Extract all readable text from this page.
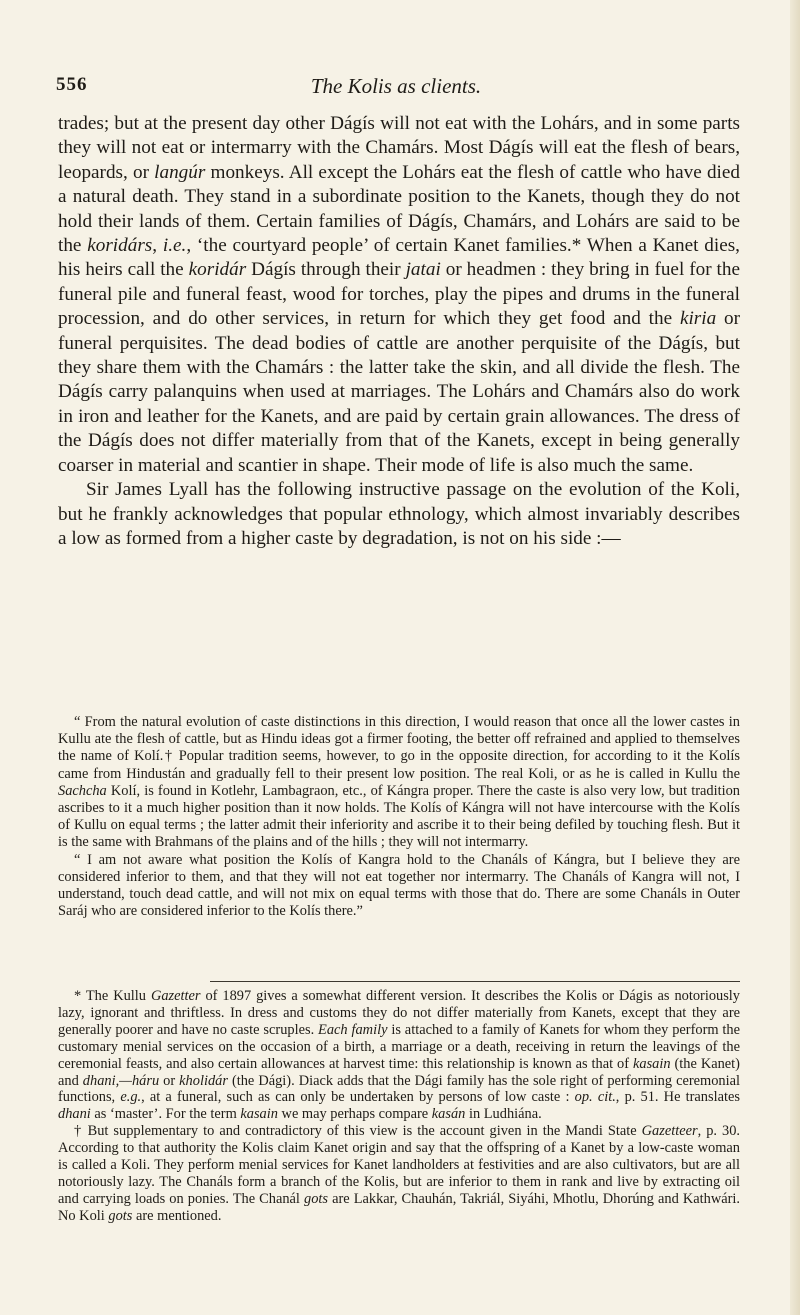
556	The Kolis as clients.

trades; but at the present day other Dágís will not eat with the Lohárs, and in some parts they will not eat or intermarry with the Chamárs. Most Dágís will eat the flesh of bears, leopards, or langúr monkeys. All except the Lohárs eat the flesh of cattle who have died a natural death. They stand in a subordinate position to the Kanets, though they do not hold their lands of them. Certain families of Dágís, Chamárs, and Lohárs are said to be the koridárs, i.e., ‘the courtyard people’ of certain Kanet families.* When a Kanet dies, his heirs call the koridár Dágís through their jatai or headmen : they bring in fuel for the funeral pile and funeral feast, wood for torches, play the pipes and drums in the funeral procession, and do other services, in return for which they get food and the kiria or funeral perquisites. The dead bodies of cattle are another perquisite of the Dágís, but they share them with the Chamárs : the latter take the skin, and all divide the flesh. The Dágís carry palanquins when used at marriages. The Lohárs and Chamárs also do work in iron and leather for the Kanets, and are paid by certain grain allowances. The dress of the Dágís does not differ materially from that of the Kanets, except in being generally coarser in material and scantier in shape. Their mode of life is also much the same.

Sir James Lyall has the following instructive passage on the evolution of the Koli, but he frankly acknowledges that popular ethnology, which almost invariably describes a low as formed from a higher caste by degradation, is not on his side :—

“ From the natural evolution of caste distinctions in this direction, I would reason that once all the lower castes in Kullu ate the flesh of cattle, but as Hindu ideas got a firmer footing, the better off refrained and applied to themselves the name of Kolí.† Popular tradition seems, however, to go in the opposite direction, for according to it the Kolís came from Hindustán and gradually fell to their present low position. The real Koli, or as he is called in Kullu the Sachcha Kolí, is found in Kotlehr, Lambagraon, etc., of Kángra proper. There the caste is also very low, but tradition ascribes to it a much higher position than it now holds. The Kolís of Kángra will not have intercourse with the Kolís of Kullu on equal terms ; the latter admit their inferiority and ascribe it to their being defiled by touching flesh. But it is the same with Brahmans of the plains and of the hills ; they will not intermarry.

“ I am not aware what position the Kolís of Kangra hold to the Chanáls of Kángra, but I believe they are considered inferior to them, and that they will not eat together nor intermarry. The Chanáls of Kangra will not, I understand, touch dead cattle, and will not mix on equal terms with those that do. There are some Chanáls in Outer Saráj who are considered inferior to the Kolís there.”

* The Kullu Gazetter of 1897 gives a somewhat different version. It describes the Kolis or Dágis as notoriously lazy, ignorant and thriftless. In dress and customs they do not differ materially from Kanets, except that they are generally poorer and have no caste scruples. Each family is attached to a family of Kanets for whom they perform the customary menial services on the occasion of a birth, a marriage or a death, receiving in return the leavings of the ceremonial feasts, and also certain allowances at harvest time: this relationship is known as that of kasain (the Kanet) and dhani,—háru or kholidár (the Dági). Diack adds that the Dági family has the sole right of performing ceremonial functions, e.g., at a funeral, such as can only be undertaken by persons of low caste : op. cit., p. 51. He translates dhani as ‘master’. For the term kasain we may perhaps compare kasán in Ludhiána.

† But supplementary to and contradictory of this view is the account given in the Mandi State Gazetteer, p. 30. According to that authority the Kolis claim Kanet origin and say that the offspring of a Kanet by a low-caste woman is called a Koli. They perform menial services for Kanet landholders at festivities and are also cultivators, but are all notoriously lazy. The Chanáls form a branch of the Kolis, but are inferior to them in rank and live by extracting oil and carrying loads on ponies. The Chanál gots are Lakkar, Chauhán, Takriál, Siyáhi, Mhotlu, Dhorúng and Kathwári. No Koli gots are mentioned.
